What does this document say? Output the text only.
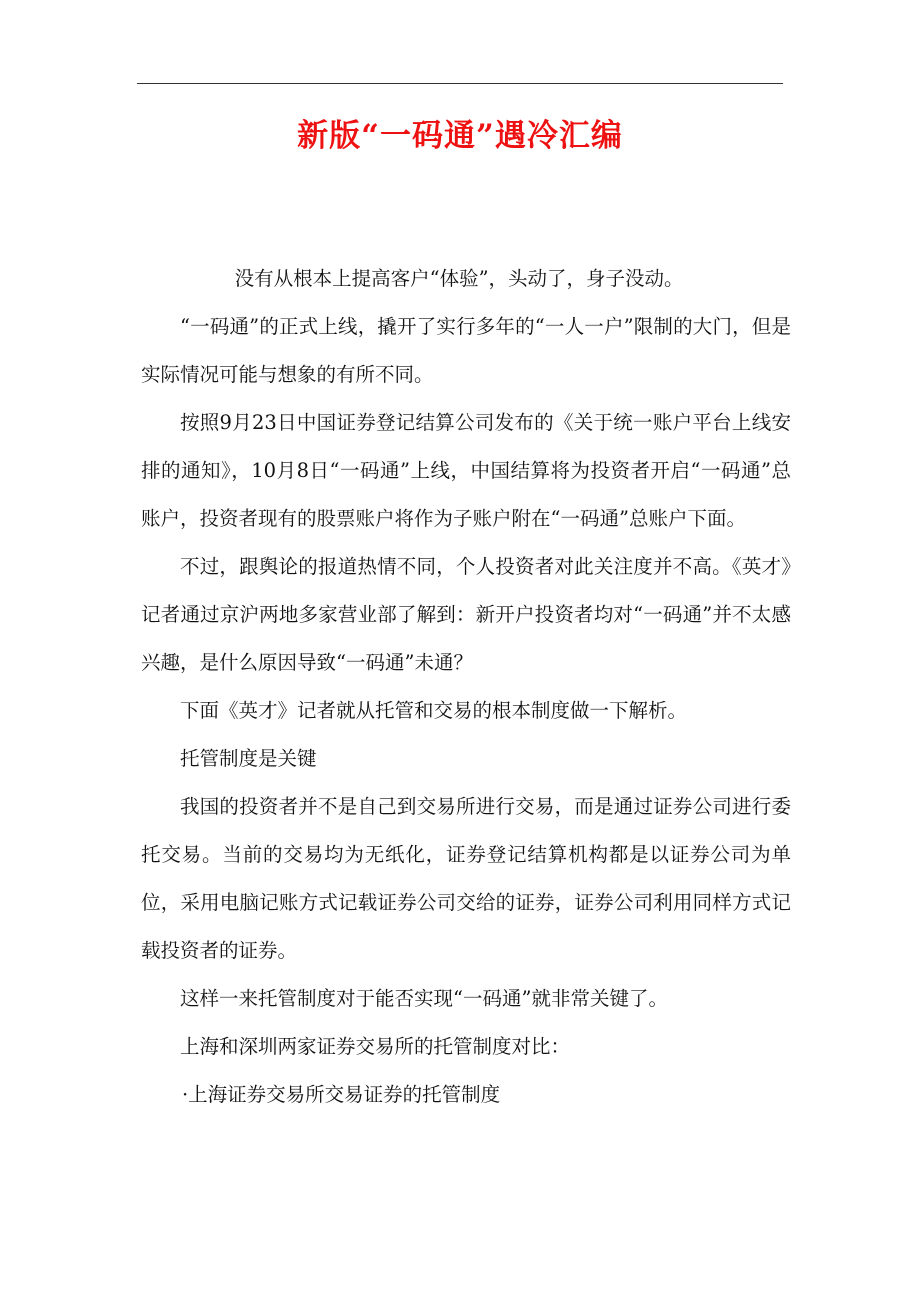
新版“一码通”遇冷汇编

没有从根本上提高客户“体验”，头动了，身子没动。

“一码通”的正式上线，撬开了实行多年的“一人一户”限制的大门，但是实际情况可能与想象的有所不同。

按照9月23日中国证券登记结算公司发布的《关于统一账户平台上线安排的通知》，10月8日“一码通”上线，中国结算将为投资者开启“一码通”总账户，投资者现有的股票账户将作为子账户附在“一码通”总账户下面。

不过，跟舆论的报道热情不同，个人投资者对此关注度并不高。《英才》记者通过京沪两地多家营业部了解到：新开户投资者均对“一码通”并不太感兴趣，是什么原因导致“一码通”未通？

下面《英才》记者就从托管和交易的根本制度做一下解析。

托管制度是关键

我国的投资者并不是自己到交易所进行交易，而是通过证券公司进行委托交易。当前的交易均为无纸化，证券登记结算机构都是以证券公司为单位，采用电脑记账方式记载证券公司交给的证券，证券公司利用同样方式记载投资者的证券。

这样一来托管制度对于能否实现“一码通”就非常关键了。

上海和深圳两家证券交易所的托管制度对比：

·上海证券交易所交易证券的托管制度
